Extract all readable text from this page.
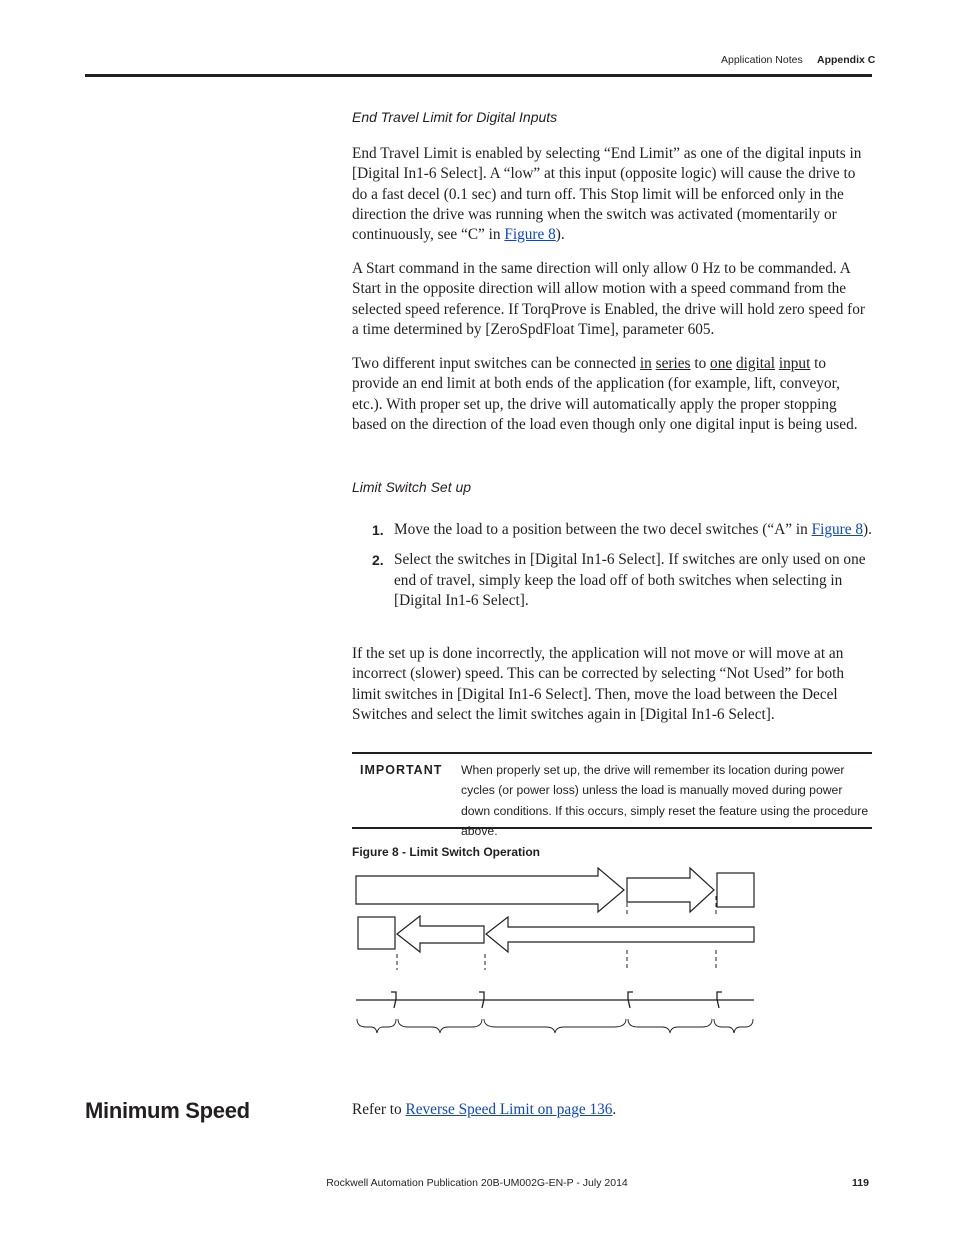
Application Notes Appendix C
End Travel Limit for Digital Inputs

End Travel Limit is enabled by selecting “End Limit” as one of the digital inputs in [Digital In1-6 Select]. A “low” at this input (opposite logic) will cause the drive to do a fast decel (0.1 sec) and turn off. This Stop limit will be enforced only in the direction the drive was running when the switch was activated (momentarily or continuously, see “C” in Figure 8).

A Start command in the same direction will only allow 0 Hz to be commanded. A Start in the opposite direction will allow motion with a speed command from the selected speed reference. If TorqProve is Enabled, the drive will hold zero speed for a time determined by [ZeroSpdFloat Time], parameter 605.

Two different input switches can be connected in series to one digital input to provide an end limit at both ends of the application (for example, lift, conveyor, etc.). With proper set up, the drive will automatically apply the proper stopping based on the direction of the load even though only one digital input is being used.

Limit Switch Set up
1. Move the load to a position between the two decel switches (“A” in Figure 8).
2. Select the switches in [Digital In1-6 Select]. If switches are only used on one end of travel, simply keep the load off of both switches when selecting in [Digital In1-6 Select].

If the set up is done incorrectly, the application will not move or will move at an incorrect (slower) speed. This can be corrected by selecting “Not Used” for both limit switches in [Digital In1-6 Select]. Then, move the load between the Decel Switches and select the limit switches again in [Digital In1-6 Select].

IMPORTANT When properly set up, the drive will remember its location during power cycles (or power loss) unless the load is manually moved during power down conditions. If this occurs, simply reset the feature using the procedure above.
Figure 8 - Limit Switch Operation
Minimum Speed	Refer to Reverse Speed Limit on page 136.
Rockwell Automation Publication 20B-UM002G-EN-P - July 2014	119
